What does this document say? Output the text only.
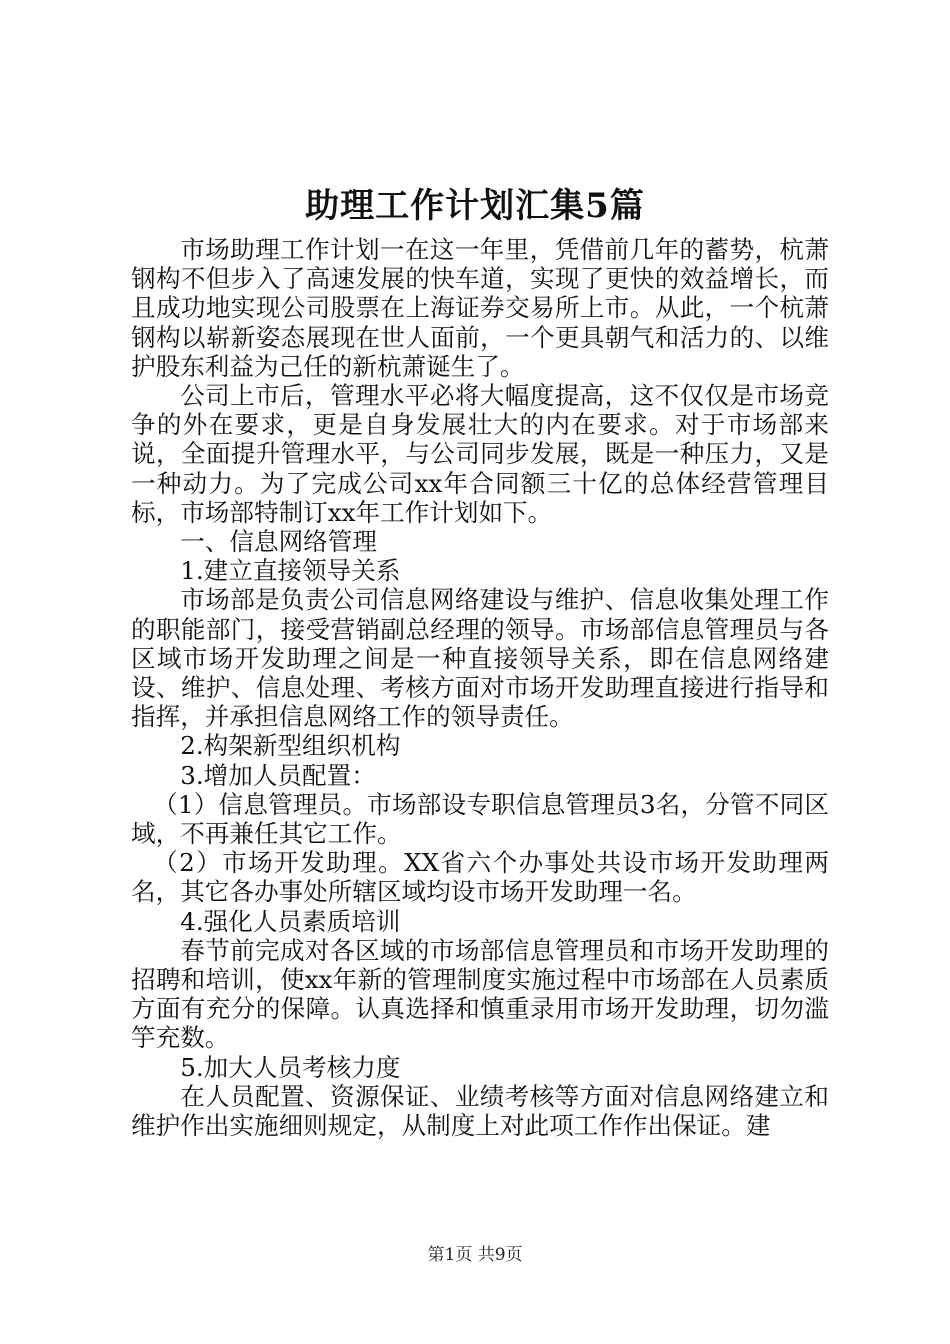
助理工作计划汇集5篇

市场助理工作计划一在这一年里，凭借前几年的蓄势，杭萧钢构不但步入了高速发展的快车道，实现了更快的效益增长，而且成功地实现公司股票在上海证券交易所上市。从此，一个杭萧钢构以崭新姿态展现在世人面前，一个更具朝气和活力的、以维护股东利益为己任的新杭萧诞生了。

公司上市后，管理水平必将大幅度提高，这不仅仅是市场竞争的外在要求，更是自身发展壮大的内在要求。对于市场部来说，全面提升管理水平，与公司同步发展，既是一种压力，又是一种动力。为了完成公司xx年合同额三十亿的总体经营管理目标，市场部特制订xx年工作计划如下。

一、信息网络管理

1.建立直接领导关系

市场部是负责公司信息网络建设与维护、信息收集处理工作的职能部门，接受营销副总经理的领导。市场部信息管理员与各区域市场开发助理之间是一种直接领导关系，即在信息网络建设、维护、信息处理、考核方面对市场开发助理直接进行指导和指挥，并承担信息网络工作的领导责任。

2.构架新型组织机构

3.增加人员配置：

（1）信息管理员。市场部设专职信息管理员3名，分管不同区域，不再兼任其它工作。

（2）市场开发助理。XX省六个办事处共设市场开发助理两名，其它各办事处所辖区域均设市场开发助理一名。

4.强化人员素质培训

春节前完成对各区域的市场部信息管理员和市场开发助理的招聘和培训，使xx年新的管理制度实施过程中市场部在人员素质方面有充分的保障。认真选择和慎重录用市场开发助理，切勿滥竽充数。

5.加大人员考核力度

在人员配置、资源保证、业绩考核等方面对信息网络建立和维护作出实施细则规定，从制度上对此项工作作出保证。建

第1页 共9页
